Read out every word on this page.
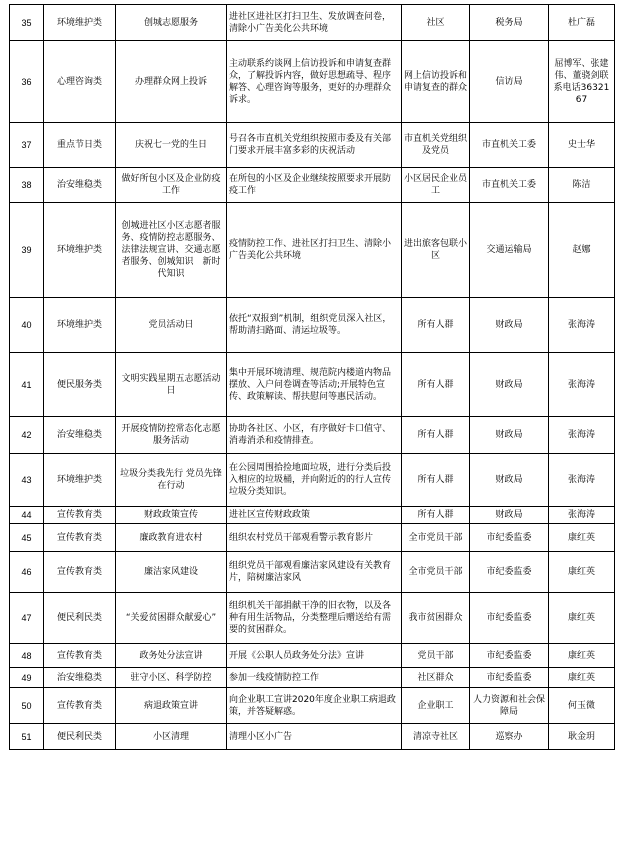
35	环境维护类	创城志愿服务	进社区进社区打扫卫生、发放调查问卷，清除小广告美化公共环境	社区	税务局	杜广磊
36	心理咨询类	办理群众网上投诉	主动联系约谈网上信访投诉和申请复查群众，了解投诉内容，做好思想疏导、程序解答、心理咨询等服务，更好的办理群众诉求。	网上信访投诉和申请复查的群众	信访局	屈博军、张建伟、董骁剑联系电话3632167
37	重点节日类	庆祝七一党的生日	号召各市直机关党组织按照市委及有关部门要求开展丰富多彩的庆祝活动	市直机关党组织及党员	市直机关工委	史士华
38	治安维稳类	做好所包小区及企业防疫工作	在所包的小区及企业继续按照要求开展防疫工作	小区居民企业员工	市直机关工委	陈洁
39	环境维护类	创城进社区小区志愿者服务、疫情防控志愿服务、法律法规宣讲、交通志愿者服务、创城知识　新时代知识	疫情防控工作、进社区打扫卫生、清除小广告美化公共环境	进出旅客包联小区	交通运输局	赵娜
40	环境维护类	党员活动日	依托“双报到”机制，组织党员深入社区，帮助清扫路面、清运垃圾等。	所有人群	财政局	张海涛
41	便民服务类	文明实践星期五志愿活动日	集中开展环境清理、规范院内楼道内物品摆放、入户问卷调查等活动;开展特色宣传、政策解读、帮扶慰问等惠民活动。	所有人群	财政局	张海涛
42	治安维稳类	开展疫情防控常态化志愿服务活动	协助各社区、小区，有序做好卡口值守、消毒消杀和疫情排查。	所有人群	财政局	张海涛
43	环境维护类	垃圾分类我先行 党员先锋在行动	在公园周围拾捡地面垃圾，进行分类后投入相应的垃圾桶，并向附近的的行人宣传垃圾分类知识。	所有人群	财政局	张海涛
44	宣传教育类	财政政策宣传	进社区宣传财政政策	所有人群	财政局	张海涛
45	宣传教育类	廉政教育进农村	组织农村党员干部观看警示教育影片	全市党员干部	市纪委监委	康红英
46	宣传教育类	廉洁家风建设	组织党员干部观看廉洁家风建设有关教育片，陪树廉洁家风	全市党员干部	市纪委监委	康红英
47	便民利民类	“关爱贫困群众献爱心”	组织机关干部捐献干净的旧衣物，以及各种有用生活物品，分类整理后赠送给有需要的贫困群众。	我市贫困群众	市纪委监委	康红英
48	宣传教育类	政务处分法宣讲	开展《公职人员政务处分法》宣讲	党员干部	市纪委监委	康红英
49	治安维稳类	驻守小区、科学防控	参加一线疫情防控工作	社区群众	市纪委监委	康红英
50	宣传教育类	病退政策宣讲	向企业职工宣讲2020年度企业职工病退政策，并答疑解惑。	企业职工	人力资源和社会保障局	何玉微
51	便民利民类	小区清理	清理小区小广告	清凉寺社区	巡察办	耿金玥
